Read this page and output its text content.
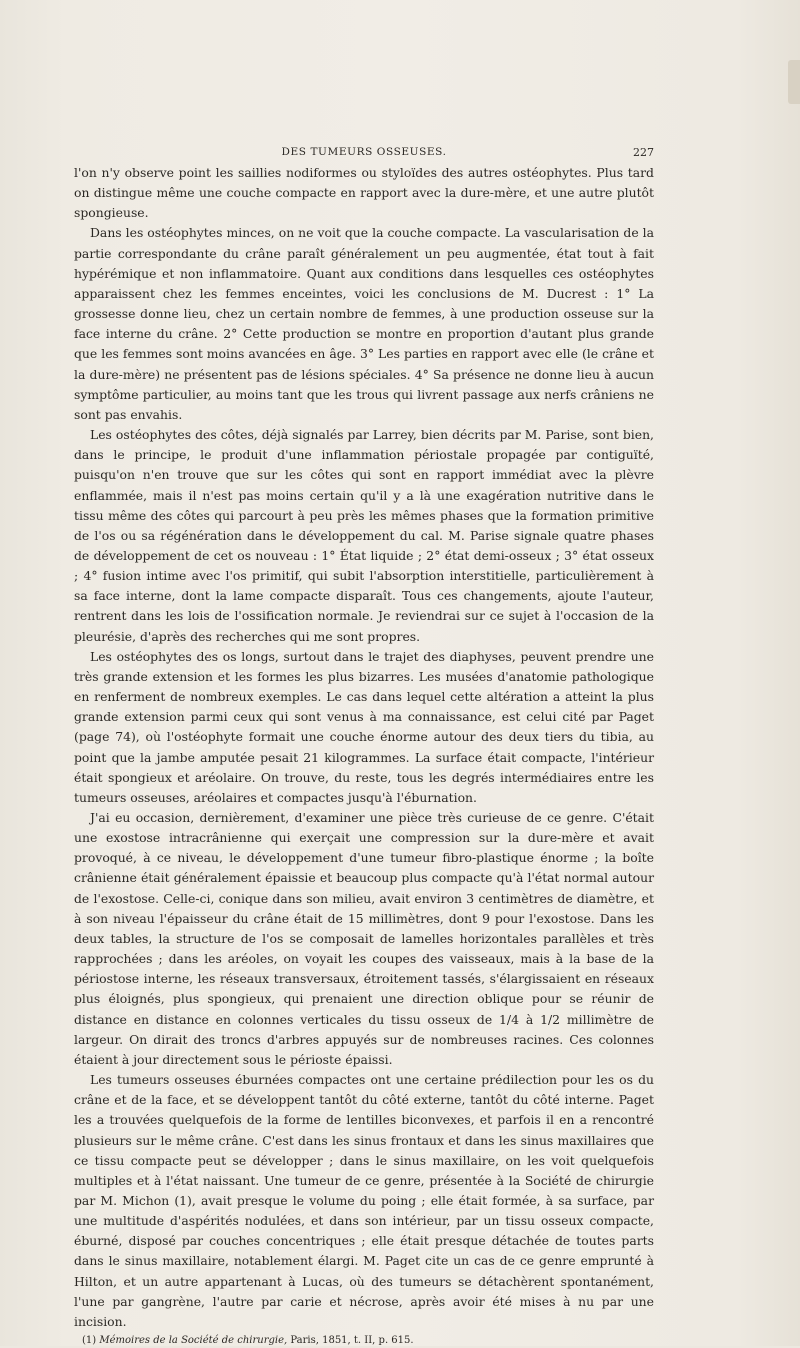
DES TUMEURS OSSEUSES.	227

l'on n'y observe point les saillies nodiformes ou styloïdes des autres ostéophytes. Plus tard on distingue même une couche compacte en rapport avec la dure-mère, et une autre plutôt spongieuse.

Dans les ostéophytes minces, on ne voit que la couche compacte. La vascularisation de la partie correspondante du crâne paraît généralement un peu augmentée, état tout à fait hypérémique et non inflammatoire. Quant aux conditions dans lesquelles ces ostéophytes apparaissent chez les femmes enceintes, voici les conclusions de M. Ducrest : 1° La grossesse donne lieu, chez un certain nombre de femmes, à une production osseuse sur la face interne du crâne. 2° Cette production se montre en proportion d'autant plus grande que les femmes sont moins avancées en âge. 3° Les parties en rapport avec elle (le crâne et la dure-mère) ne présentent pas de lésions spéciales. 4° Sa présence ne donne lieu à aucun symptôme particulier, au moins tant que les trous qui livrent passage aux nerfs crâniens ne sont pas envahis.

Les ostéophytes des côtes, déjà signalés par Larrey, bien décrits par M. Parise, sont bien, dans le principe, le produit d'une inflammation périostale propagée par contiguïté, puisqu'on n'en trouve que sur les côtes qui sont en rapport immédiat avec la plèvre enflammée, mais il n'est pas moins certain qu'il y a là une exagération nutritive dans le tissu même des côtes qui parcourt à peu près les mêmes phases que la formation primitive de l'os ou sa régénération dans le développement du cal. M. Parise signale quatre phases de développement de cet os nouveau : 1° État liquide ; 2° état demi-osseux ; 3° état osseux ; 4° fusion intime avec l'os primitif, qui subit l'absorption interstitielle, particulièrement à sa face interne, dont la lame compacte disparaît. Tous ces changements, ajoute l'auteur, rentrent dans les lois de l'ossification normale. Je reviendrai sur ce sujet à l'occasion de la pleurésie, d'après des recherches qui me sont propres.

Les ostéophytes des os longs, surtout dans le trajet des diaphyses, peuvent prendre une très grande extension et les formes les plus bizarres. Les musées d'anatomie pathologique en renferment de nombreux exemples. Le cas dans lequel cette altération a atteint la plus grande extension parmi ceux qui sont venus à ma connaissance, est celui cité par Paget (page 74), où l'ostéophyte formait une couche énorme autour des deux tiers du tibia, au point que la jambe amputée pesait 21 kilogrammes. La surface était compacte, l'intérieur était spongieux et aréolaire. On trouve, du reste, tous les degrés intermédiaires entre les tumeurs osseuses, aréolaires et compactes jusqu'à l'éburnation.

J'ai eu occasion, dernièrement, d'examiner une pièce très curieuse de ce genre. C'était une exostose intracrânienne qui exerçait une compression sur la dure-mère et avait provoqué, à ce niveau, le développement d'une tumeur fibro-plastique énorme ; la boîte crânienne était généralement épaissie et beaucoup plus compacte qu'à l'état normal autour de l'exostose. Celle-ci, conique dans son milieu, avait environ 3 centimètres de diamètre, et à son niveau l'épaisseur du crâne était de 15 millimètres, dont 9 pour l'exostose. Dans les deux tables, la structure de l'os se composait de lamelles horizontales parallèles et très rapprochées ; dans les aréoles, on voyait les coupes des vaisseaux, mais à la base de la périostose interne, les réseaux transversaux, étroitement tassés, s'élargissaient en réseaux plus éloignés, plus spongieux, qui prenaient une direction oblique pour se réunir de distance en distance en colonnes verticales du tissu osseux de 1/4 à 1/2 millimètre de largeur. On dirait des troncs d'arbres appuyés sur de nombreuses racines. Ces colonnes étaient à jour directement sous le périoste épaissi.

Les tumeurs osseuses éburnées compactes ont une certaine prédilection pour les os du crâne et de la face, et se développent tantôt du côté externe, tantôt du côté interne. Paget les a trouvées quelquefois de la forme de lentilles biconvexes, et parfois il en a rencontré plusieurs sur le même crâne. C'est dans les sinus frontaux et dans les sinus maxillaires que ce tissu compacte peut se développer ; dans le sinus maxillaire, on les voit quelquefois multiples et à l'état naissant. Une tumeur de ce genre, présentée à la Société de chirurgie par M. Michon (1), avait presque le volume du poing ; elle était formée, à sa surface, par une multitude d'aspérités nodulées, et dans son intérieur, par un tissu osseux compacte, éburné, disposé par couches concentriques ; elle était presque détachée de toutes parts dans le sinus maxillaire, notablement élargi. M. Paget cite un cas de ce genre emprunté à Hilton, et un autre appartenant à Lucas, où des tumeurs se détachèrent spontanément, l'une par gangrène, l'autre par carie et nécrose, après avoir été mises à nu par une incision.

(1) Mémoires de la Société de chirurgie, Paris, 1851, t. II, p. 615.
